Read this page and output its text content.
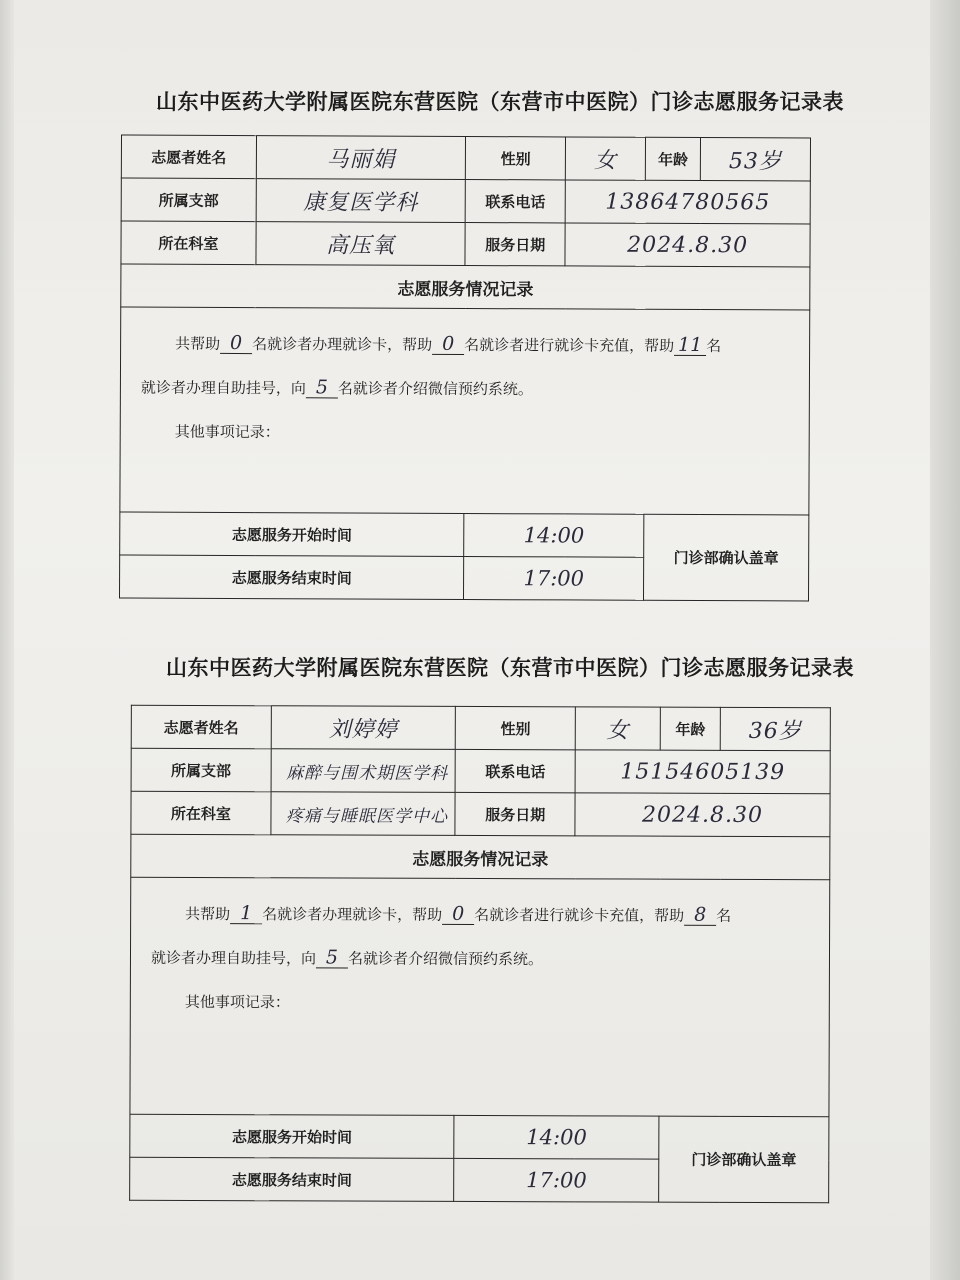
山东中医药大学附属医院东营医院（东营市中医院）门诊志愿服务记录表
志愿者姓名	马丽娟	性别	女	年龄	53岁
所属支部	康复医学科	联系电话	13864780565		
所在科室	高压氧	服务日期	2024.8.30		
志愿服务情况记录					

共帮助 0 名就诊者办理就诊卡，帮助 0 名就诊者进行就诊卡充值，帮助 11 名
就诊者办理自助挂号，向 5 名就诊者介绍微信预约系统。
其他事项记录：					

志愿服务开始时间		14:00		门诊部确认盖章	
志愿服务结束时间		17:00			
山东中医药大学附属医院东营医院（东营市中医院）门诊志愿服务记录表
志愿者姓名	刘婷婷	性别	女	年龄	36岁
所属支部	麻醉与围术期医学科	联系电话	15154605139		
所在科室	疼痛与睡眠医学中心	服务日期	2024.8.30		
志愿服务情况记录					

共帮助 1 名就诊者办理就诊卡，帮助 0 名就诊者进行就诊卡充值，帮助 8 名
就诊者办理自助挂号，向 5 名就诊者介绍微信预约系统。
其他事项记录：					

志愿服务开始时间		14:00		门诊部确认盖章	
志愿服务结束时间		17:00			
